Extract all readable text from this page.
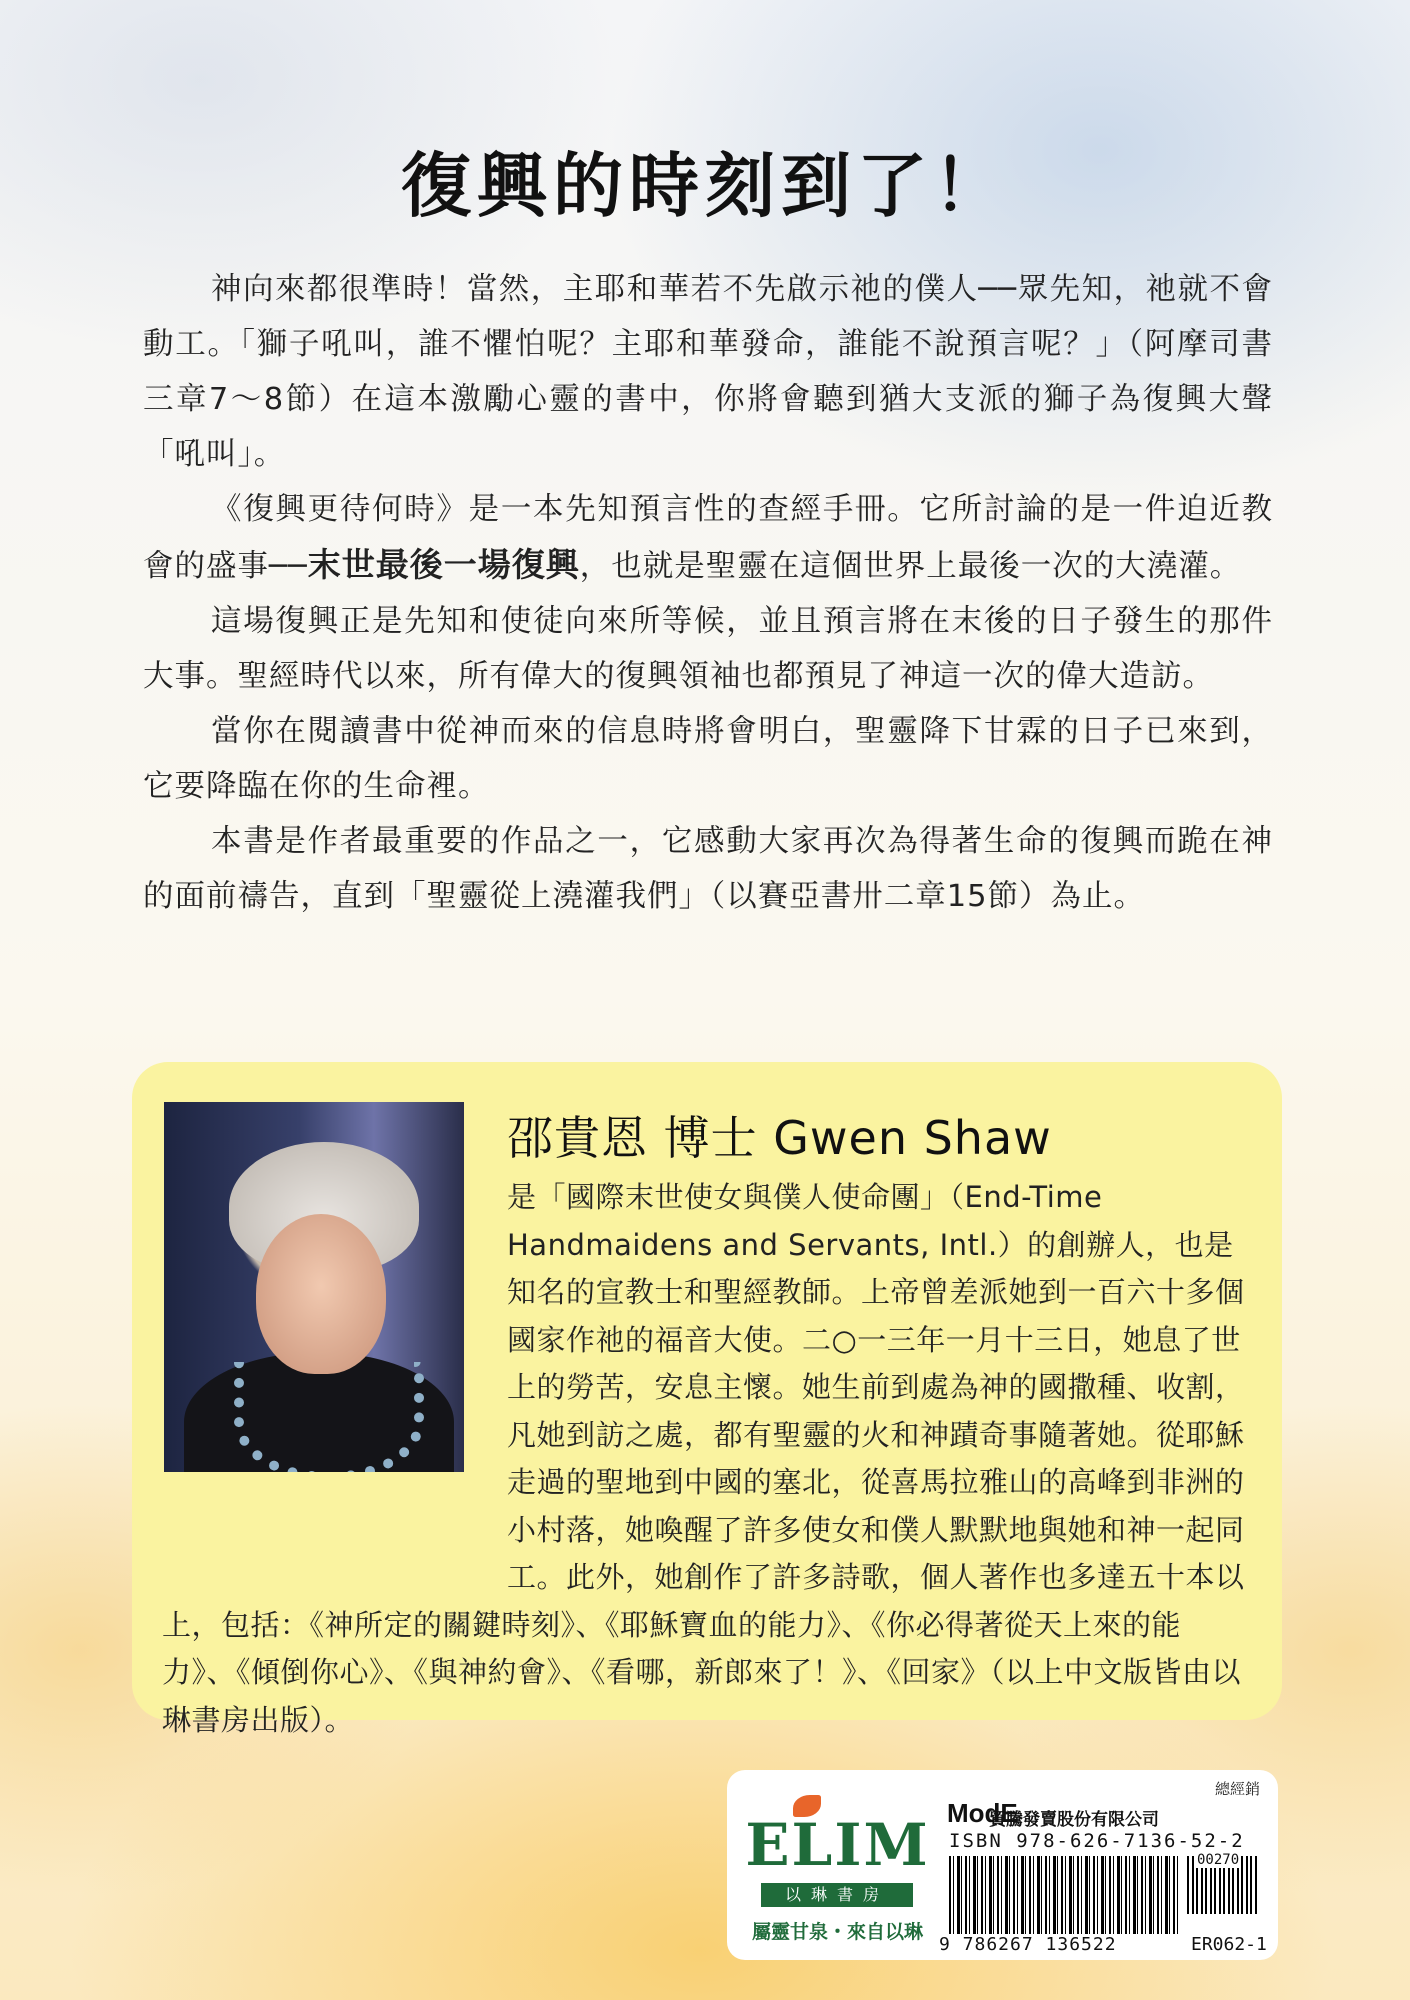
復興的時刻到了！

神向來都很準時！當然，主耶和華若不先啟示祂的僕人──眾先知，祂就不會動工。「獅子吼叫，誰不懼怕呢？主耶和華發命，誰能不說預言呢？」（阿摩司書三章7～8節）在這本激勵心靈的書中，你將會聽到猶大支派的獅子為復興大聲「吼叫」。

《復興更待何時》是一本先知預言性的查經手冊。它所討論的是一件迫近教會的盛事──末世最後一場復興，也就是聖靈在這個世界上最後一次的大澆灌。

這場復興正是先知和使徒向來所等候，並且預言將在末後的日子發生的那件大事。聖經時代以來，所有偉大的復興領袖也都預見了神這一次的偉大造訪。

當你在閱讀書中從神而來的信息時將會明白，聖靈降下甘霖的日子已來到，它要降臨在你的生命裡。

本書是作者最重要的作品之一，它感動大家再次為得著生命的復興而跪在神的面前禱告，直到「聖靈從上澆灌我們」（以賽亞書卅二章15節）為止。

邵貴恩 博士 Gwen Shaw
是「國際末世使女與僕人使命團」（End-Time Handmaidens and Servants, Intl.）的創辦人，也是知名的宣教士和聖經教師。上帝曾差派她到一百六十多個國家作祂的福音大使。二○一三年一月十三日，她息了世上的勞苦，安息主懷。她生前到處為神的國撒種、收割，凡她到訪之處，都有聖靈的火和神蹟奇事隨著她。從耶穌走過的聖地到中國的塞北，從喜馬拉雅山的高峰到非洲的小村落，她喚醒了許多使女和僕人默默地與她和神一起同工。此外，她創作了許多詩歌，個人著作也多達五十本以上，包括：《神所定的關鍵時刻》、《耶穌寶血的能力》、《你必得著從天上來的能力》、《傾倒你心》、《與神約會》、《看哪，新郎來了！》、《回家》（以上中文版皆由以琳書房出版）。
ELIM
以琳書房
屬靈甘泉・來自以琳
總經銷
ModE
貿騰發賣股份有限公司
ISBN 978-626-7136-52-2
00270
9 786267 136522	ER062-1
